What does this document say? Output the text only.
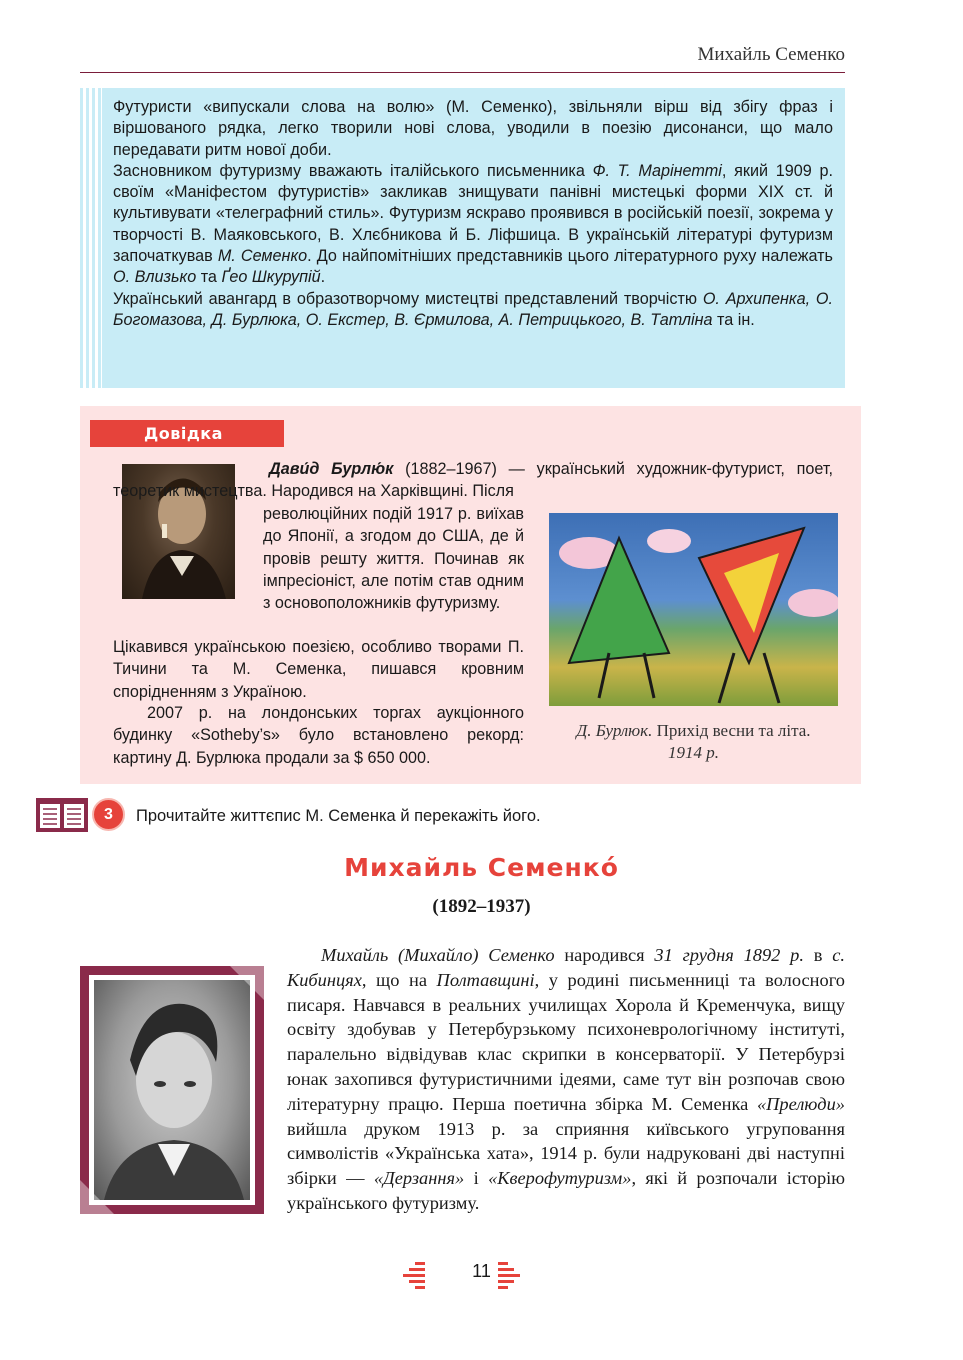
Михайль Семенко

Футуристи «випускали слова на волю» (М. Семенко), звільняли вірш від збігу фраз і віршованого рядка, легко творили нові слова, уводили в поезію дисонанси, що мало передавати ритм нової доби.

Засновником футуризму вважають італійського письменника Ф. Т. Марінетті, який 1909 р. своїм «Маніфестом футуристів» закликав знищувати панівні мистецькі форми XIX ст. й культивувати «телеграфний стиль». Футуризм яскраво проявився в російській поезії, зокрема у творчості В. Маяковського, В. Хлєбникова й Б. Ліфшица. В українській літературі футуризм започаткував М. Семенко. До найпомітніших представників цього літературного руху належать О. Влизько та Ґео Шкурупій.

Український авангард в образотворчому мистецтві представлений творчістю О. Архипенка, О. Богомазова, Д. Бурлюка, О. Екстер, В. Єрмилова, А. Петрицького, В. Татліна та ін.

Довідка

Дави́д Бурлю́к (1882–1967) — український художник-футурист, поет, теоретик мистецтва. Народився на Харківщині. Після

революційних подій 1917 р. виїхав до Японії, а згодом до США, де й провів решту життя. Починав як імпресіоніст, але потім став одним з основоположників футуризму.

Цікавився українською поезією, особливо творами П. Тичини та М. Семенка, пишався кровним спорідненням з Україною.

2007 р. на лондонських торгах аукціонного будинку «Sotheby’s» було встановлено рекорд: картину Д. Бурлюка продали за $ 650 000.

Д. Бурлюк. Прихід весни та літа.
1914 р.
3	Прочитайте життєпис М. Семенка й перекажіть його.
Михайль Семенко́
(1892–1937)

Михайль (Михайло) Семенко народився 31 грудня 1892 р. в с. Кибинцях, що на Полтавщині, у родині письменниці та волосного писаря. Навчався в реальних училищах Хорола й Кременчука, вищу освіту здобував у Петербурзькому психоневрологічному інституті, паралельно відвідував клас скрипки в консерваторії. У Петербурзі юнак захопився футуристичними ідеями, саме тут він розпочав свою літературну працю. Перша поетична збірка М. Семенка «Прелюди» вийшла друком 1913 р. за сприяння київського угруповання символістів «Українська хата», 1914 р. були надруковані дві наступні збірки — «Дерзання» і «Кверофутуризм», які й розпочали історію українського футуризму.

11
